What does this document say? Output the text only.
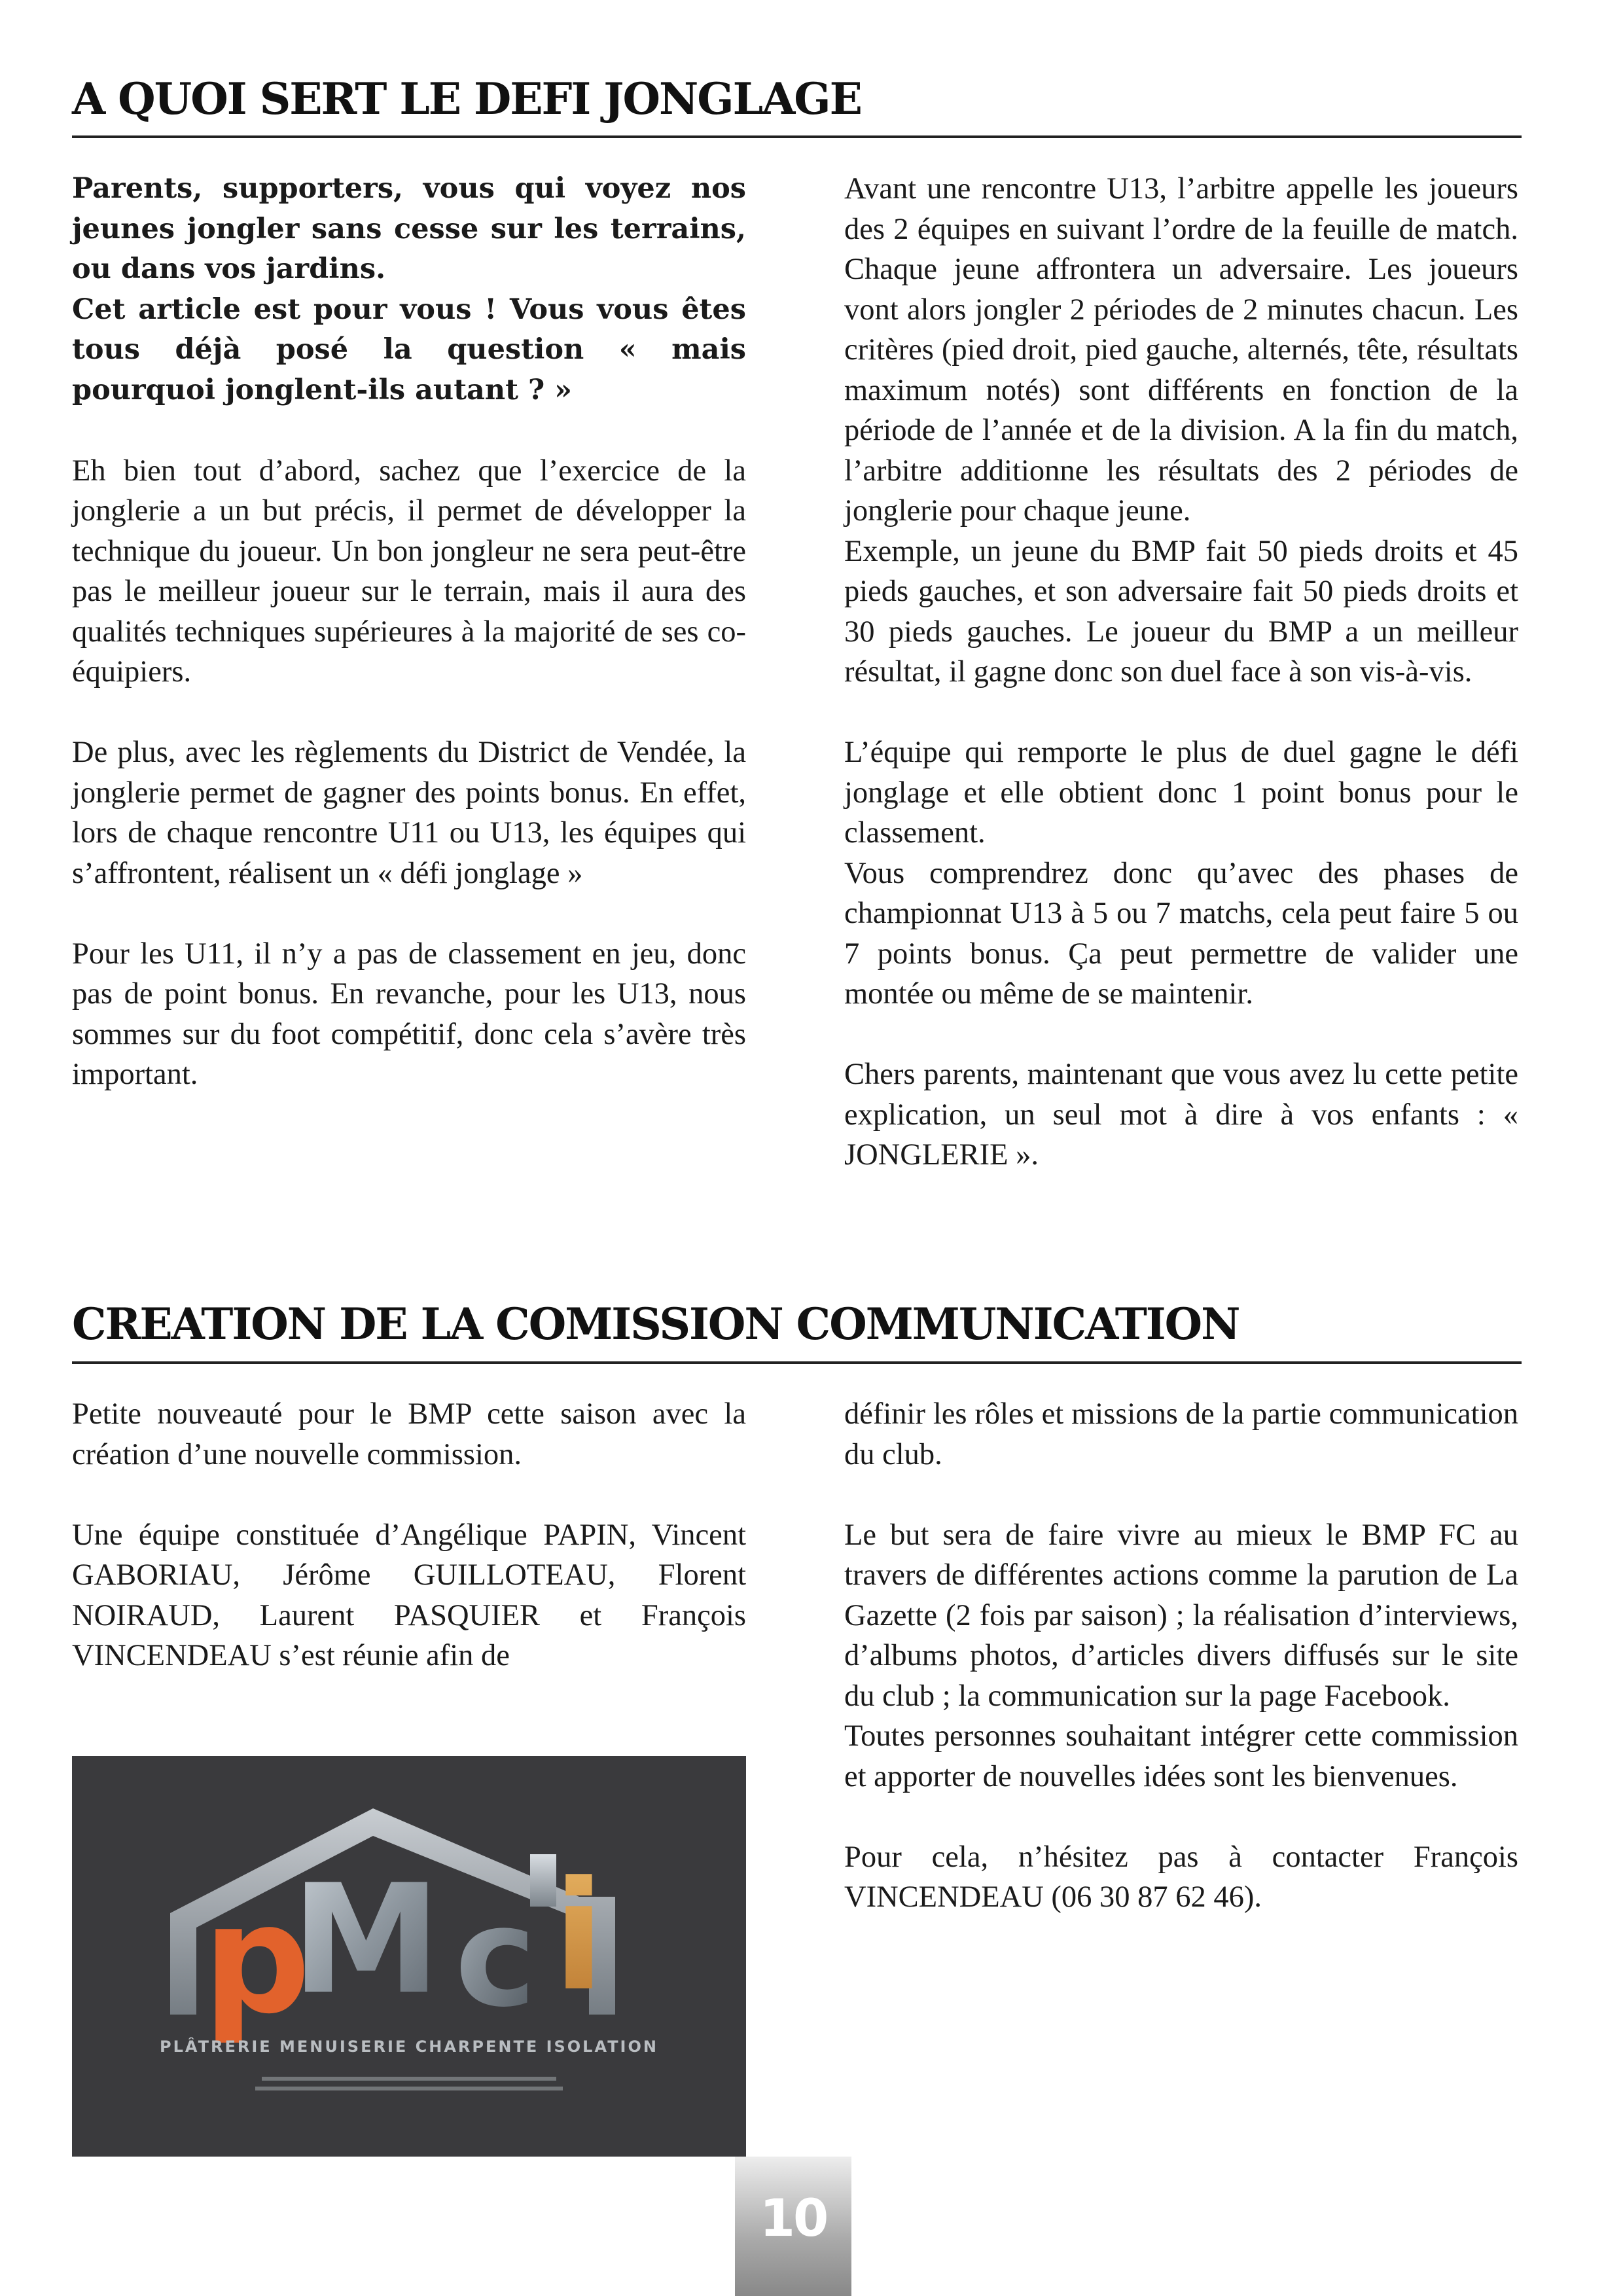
A QUOI SERT LE DEFI JONGLAGE

Parents, supporters, vous qui voyez nos jeunes jongler sans cesse sur les terrains, ou dans vos jardins.

Cet article est pour vous ! Vous vous êtes tous déjà posé la question « mais pourquoi jonglent-ils autant ? »

Eh bien tout d’abord, sachez que l’exercice de la jonglerie a un but précis, il permet de développer la technique du joueur. Un bon jongleur ne sera peut-être pas le meilleur joueur sur le terrain, mais il aura des qualités techniques supérieures à la majorité de ses co-équipiers.

De plus, avec les règlements du District de Vendée, la jonglerie permet de gagner des points bonus. En effet, lors de chaque rencontre U11 ou U13, les équipes qui s’affrontent, réalisent un « défi jonglage »

Pour les U11, il n’y a pas de classement en jeu, donc pas de point bonus. En revanche, pour les U13, nous sommes sur du foot compétitif, donc cela s’avère très important.

Avant une rencontre U13, l’arbitre appelle les joueurs des 2 équipes en suivant l’ordre de la feuille de match. Chaque jeune affrontera un adversaire. Les joueurs vont alors jongler 2 périodes de 2 minutes chacun. Les critères (pied droit, pied gauche, alternés, tête, résultats maximum notés) sont différents en fonction de la période de l’année et de la division. A la fin du match, l’arbitre additionne les résultats des 2 périodes de jonglerie pour chaque jeune.

Exemple, un jeune du BMP fait 50 pieds droits et 45 pieds gauches, et son adversaire fait 50 pieds droits et 30 pieds gauches. Le joueur du BMP a un meilleur résultat, il gagne donc son duel face à son vis-à-vis.

L’équipe qui remporte le plus de duel gagne le défi jonglage et elle obtient donc 1 point bonus pour le classement.

Vous comprendrez donc qu’avec des phases de championnat U13 à 5 ou 7 matchs, cela peut faire 5 ou 7 points bonus. Ça peut permettre de valider une montée ou même de se maintenir.

Chers parents, maintenant que vous avez lu cette petite explication, un seul mot à dire à vos enfants : « JONGLERIE ».

CREATION DE LA COMISSION COMMUNICATION

Petite nouveauté pour le BMP cette saison avec la création d’une nouvelle commission.

Une équipe constituée d’Angélique PAPIN, Vincent GABORIAU, Jérôme GUILLOTEAU, Florent NOIRAUD, Laurent PASQUIER et François VINCENDEAU s’est réunie afin de

définir les rôles et missions de la partie communication du club.

Le but sera de faire vivre au mieux le BMP FC au travers de différentes actions comme la parution de La Gazette (2 fois par saison) ; la réalisation d’interviews, d’albums photos, d’articles divers diffusés sur le site du club ; la communication sur la page Facebook.

Toutes personnes souhaitant intégrer cette commission et apporter de nouvelles idées sont les bienvenues.

Pour cela, n’hésitez pas à contacter François VINCENDEAU (06 30 87 62 46).

p
M c i
PLÂTRERIE MENUISERIE CHARPENTE ISOLATION
10
